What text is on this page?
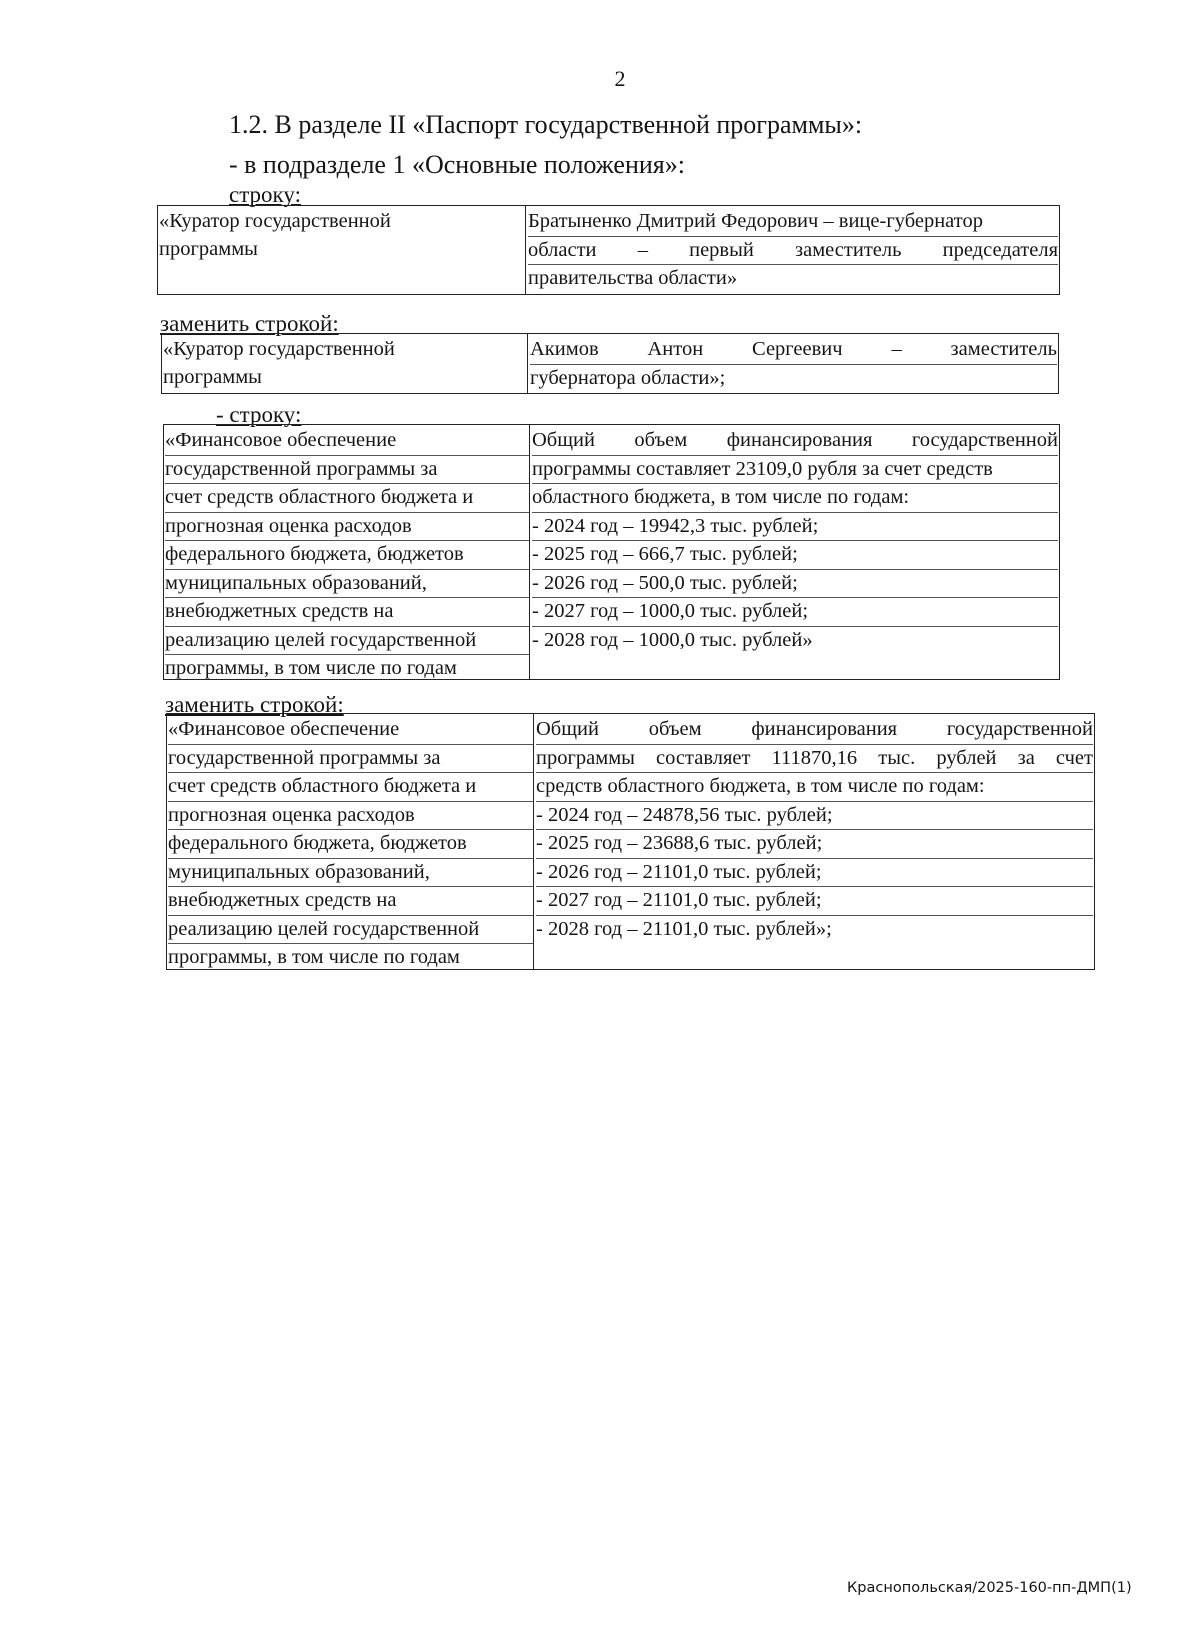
2
1.2. В разделе II «Паспорт государственной программы»:
- в подразделе 1 «Основные положения»:
строку:
«Куратор государственной
программы
Братыненко Дмитрий Федорович – вице-губернатор
области – первый заместитель председателя
правительства области»
заменить строкой:
«Куратор государственной
программы
Акимов Антон Сергеевич – заместитель
губернатора области»;
- строку:
«Финансовое обеспечение
государственной программы за
счет средств областного бюджета и
прогнозная оценка расходов
федерального бюджета, бюджетов
муниципальных образований,
внебюджетных средств на
реализацию целей государственной
программы, в том числе по годам
Общий объем финансирования государственной
программы составляет 23109,0 рубля за счет средств
областного бюджета, в том числе по годам:
- 2024 год – 19942,3 тыс. рублей;
- 2025 год – 666,7 тыс. рублей;
- 2026 год – 500,0 тыс. рублей;
- 2027 год – 1000,0 тыс. рублей;
- 2028 год – 1000,0 тыс. рублей»
заменить строкой:
«Финансовое обеспечение
государственной программы за
счет средств областного бюджета и
прогнозная оценка расходов
федерального бюджета, бюджетов
муниципальных образований,
внебюджетных средств на
реализацию целей государственной
программы, в том числе по годам
Общий объем финансирования государственной
программы составляет 111870,16 тыс. рублей за счет
средств областного бюджета, в том числе по годам:
- 2024 год – 24878,56 тыс. рублей;
- 2025 год – 23688,6 тыс. рублей;
- 2026 год – 21101,0 тыс. рублей;
- 2027 год – 21101,0 тыс. рублей;
- 2028 год – 21101,0 тыс. рублей»;
Краснопольская/2025-160-пп-ДМП(1)
